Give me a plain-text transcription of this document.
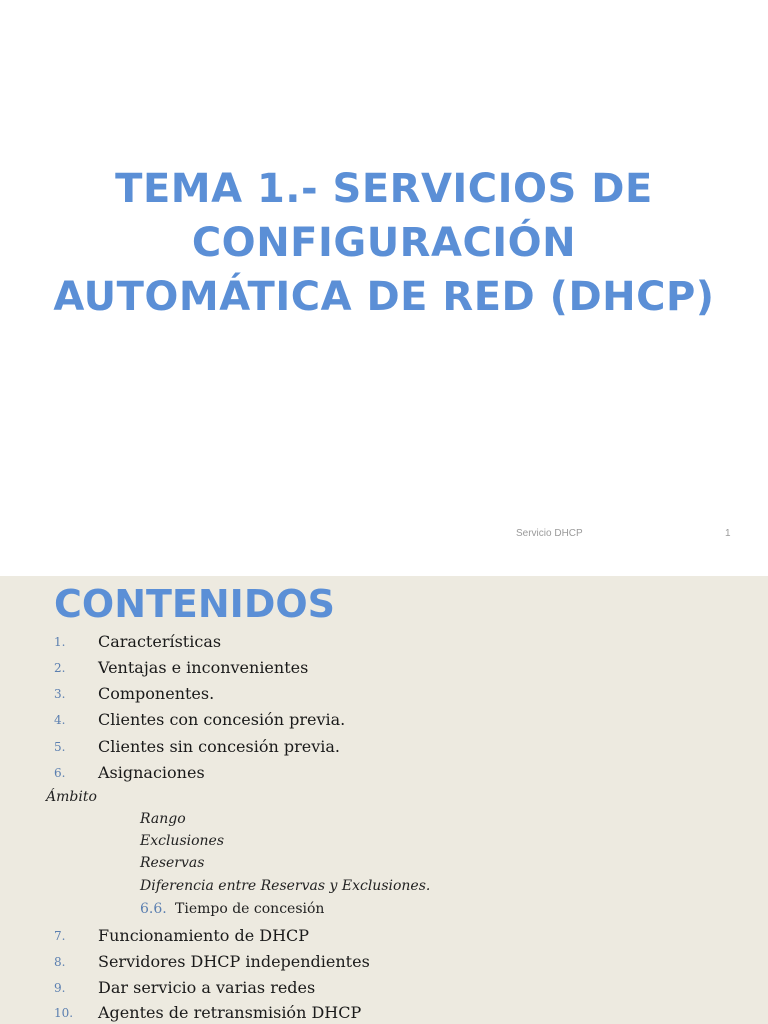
TEMA 1.- SERVICIOS DE CONFIGURACIÓN AUTOMÁTICA DE RED (DHCP)
Servicio DHCP	1
CONTENIDOS
1. Características
2. Ventajas e inconvenientes
3. Componentes.
4. Clientes con concesión previa.
5. Clientes sin concesión previa.
6. Asignaciones
Ámbito
Rango
Exclusiones
Reservas
Diferencia entre Reservas y Exclusiones.
6.6. Tiempo de concesión
7. Funcionamiento de DHCP
8. Servidores DHCP independientes
9. Dar servicio a varias redes
10. Agentes de retransmisión DHCP
